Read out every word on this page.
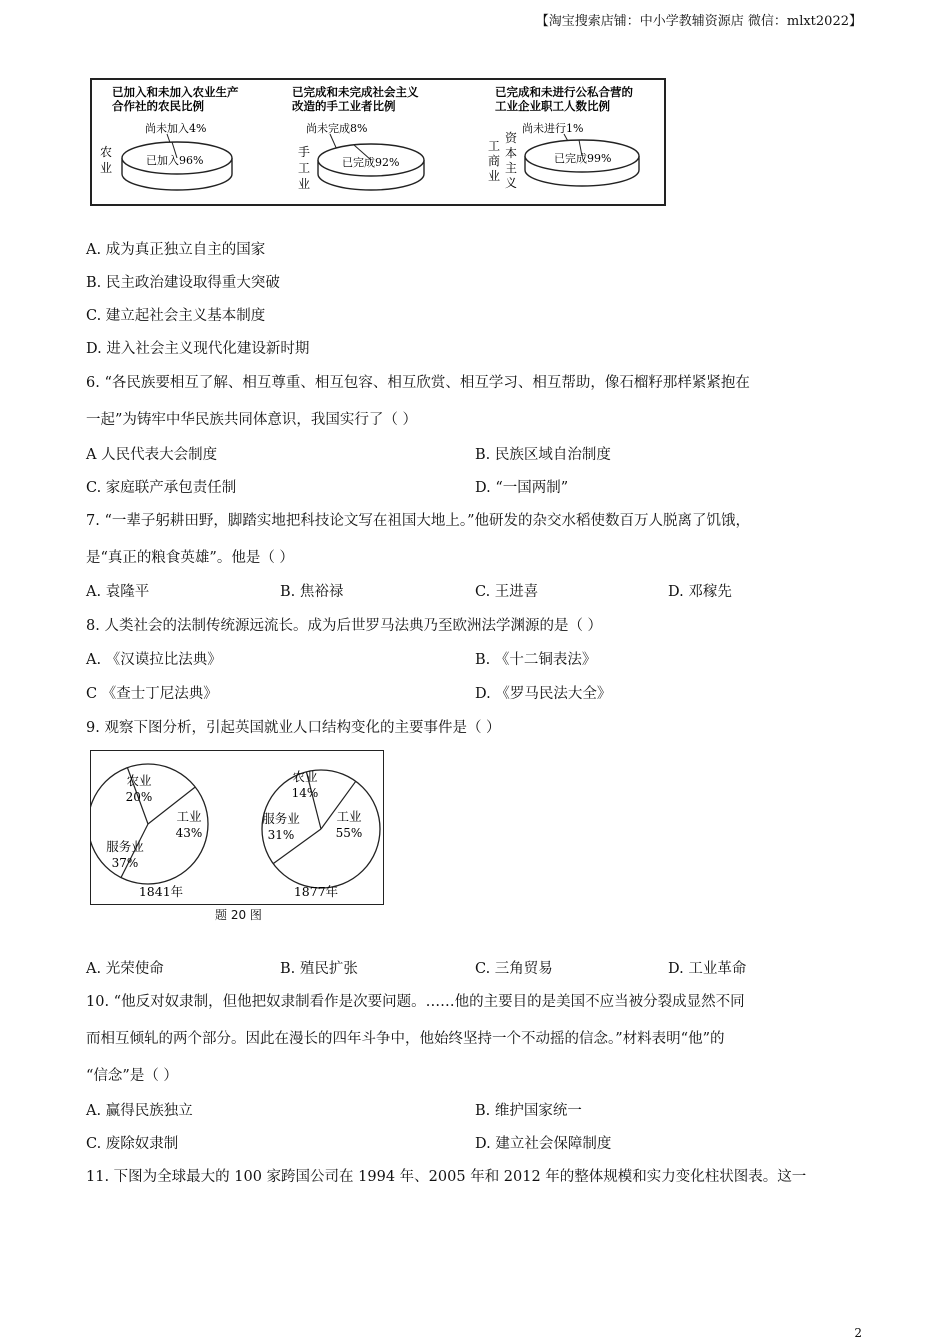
【淘宝搜索店铺：中小学教辅资源店 微信：mlxt2022】
已加入和未加入农业生产
合作社的农民比例
尚未加入4%
已加入96%
农
业
已完成和未完成社会主义
改造的手工业者比例
尚未完成8%
已完成92%
手
工
业
已完成和未进行公私合营的
工业企业职工人数比例
尚未进行1%
已完成99%
工
商
业
资
本
主
义
A. 成为真正独立自主的国家
B. 民主政治建设取得重大突破
C. 建立起社会主义基本制度
D. 进入社会主义现代化建设新时期
6. “各民族要相互了解、相互尊重、相互包容、相互欣赏、相互学习、相互帮助，像石榴籽那样紧紧抱在
一起”为铸牢中华民族共同体意识，我国实行了（ ）
A 人民代表大会制度	B. 民族区域自治制度
C. 家庭联产承包责任制	D. “一国两制”
7. “一辈子躬耕田野，脚踏实地把科技论文写在祖国大地上。”他研发的杂交水稻使数百万人脱离了饥饿，
是“真正的粮食英雄”。他是（ ）
A. 袁隆平	B. 焦裕禄	C. 王进喜	D. 邓稼先
8. 人类社会的法制传统源远流长。成为后世罗马法典乃至欧洲法学渊源的是（ ）
A. 《汉谟拉比法典》	B. 《十二铜表法》
C 《查士丁尼法典》	D. 《罗马民法大全》
9. 观察下图分析，引起英国就业人口结构变化的主要事件是（ ）
农业
20%
工业
43%
服务业
37%
1841年
农业
14%
工业
55%
服务业
31%
1877年
题 20 图
A. 光荣使命	B. 殖民扩张	C. 三角贸易	D. 工业革命
10. “他反对奴隶制，但他把奴隶制看作是次要问题。……他的主要目的是美国不应当被分裂成显然不同
而相互倾轧的两个部分。因此在漫长的四年斗争中，他始终坚持一个不动摇的信念。”材料表明“他”的
“信念”是（ ）
A. 赢得民族独立	B. 维护国家统一
C. 废除奴隶制	D. 建立社会保障制度
11. 下图为全球最大的 100 家跨国公司在 1994 年、2005 年和 2012 年的整体规模和实力变化柱状图表。这一
2
